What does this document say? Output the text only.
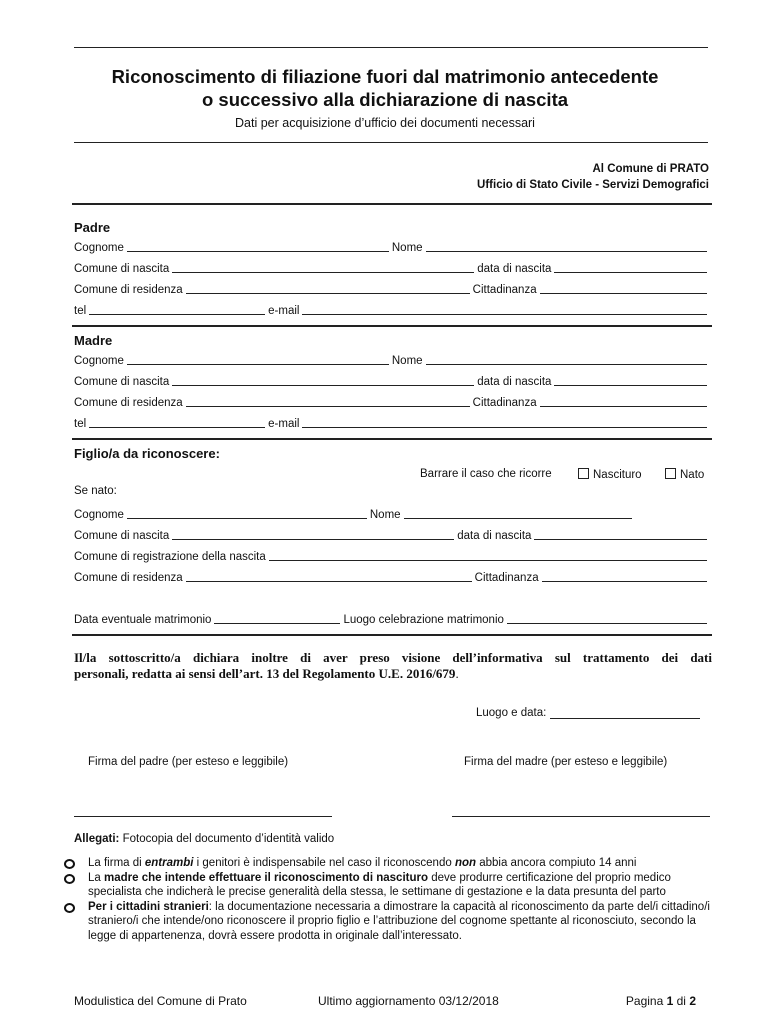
Riconoscimento di filiazione fuori dal matrimonio antecedente
o successivo alla dichiarazione di nascita
Dati per acquisizione d’ufficio dei documenti necessari
Al Comune di PRATO
Ufficio di Stato Civile - Servizi Demografici
Padre
Cognome	Nome
Comune di nascita	data di nascita
Comune di residenza	Cittadinanza
tel	e-mail
Madre
Cognome	Nome
Comune di nascita	data di nascita
Comune di residenza	Cittadinanza
tel	e-mail
Figlio/a da riconoscere:
Barrare il caso che ricorre	Nascituro	Nato
Se nato:
Cognome	Nome
Comune di nascita	data di nascita
Comune di registrazione della nascita
Comune di residenza	Cittadinanza
Data eventuale matrimonio	Luogo celebrazione matrimonio
Il/la sottoscritto/a dichiara inoltre di aver preso visione dell’informativa sul trattamento dei dati
personali, redatta ai sensi dell’art. 13 del Regolamento U.E. 2016/679.
Luogo e data:
Firma del padre (per esteso e leggibile)	Firma del madre (per esteso e leggibile)
Allegati: Fotocopia del documento d’identità valido

La firma di entrambi i genitori è indispensabile nel caso il riconoscendo non abbia ancora compiuto 14 anni

La madre che intende effettuare il riconoscimento di nascituro deve produrre certificazione del proprio medico specialista che indicherà le precise generalità della stessa, le settimane di gestazione e la data presunta del parto

Per i cittadini stranieri: la documentazione necessaria a dimostrare la capacità al riconoscimento da parte del/i cittadino/i straniero/i che intende/ono riconoscere il proprio figlio e l’attribuzione del cognome spettante al riconosciuto, secondo la legge di appartenenza, dovrà essere prodotta in originale dall’interessato.

Modulistica del Comune di Prato	Ultimo aggiornamento 03/12/2018	Pagina 1 di 2
